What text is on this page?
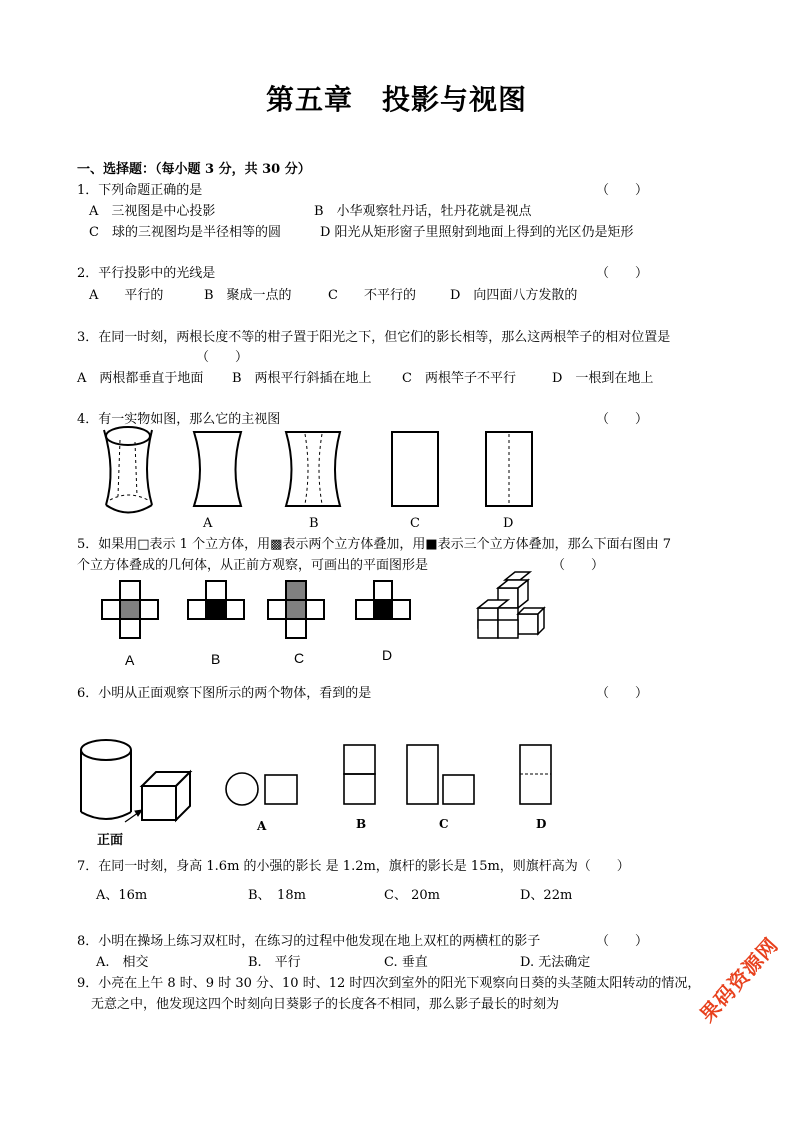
第五章　投影与视图
一、选择题：（每小题 3 分，共 30 分）
1．下列命题正确的是	（　　）
A　三视图是中心投影	B　小华观察牡丹话，牡丹花就是视点
C　球的三视图均是半径相等的圆	D 阳光从矩形窗子里照射到地面上得到的光区仍是矩形
2．平行投影中的光线是	（　　）
A　　平行的	B　聚成一点的	C　　不平行的	D　向四面八方发散的
3．在同一时刻，两根长度不等的柑子置于阳光之下，但它们的影长相等，那么这两根竿子的相对位置是
（　　）
A　两根都垂直于地面 B　两根平行斜插在地上 C　两根竿子不平行	D　一根到在地上
4．有一实物如图，那么它的主视图	（　　）
A	B	C	D
5．如果用□表示 1 个立方体，用▩表示两个立方体叠加，用■表示三个立方体叠加，那么下面右图由 7
个立方体叠成的几何体，从正前方观察，可画出的平面图形是	（　　）
A	B	C	D
6．小明从正面观察下图所示的两个物体，看到的是	（　　）
正面
A	B	C	D
7．在同一时刻，身高 1.6m 的小强的影长 是 1.2m，旗杆的影长是 15m，则旗杆高为（　　）
A、16m	B、　18m	C、 20m	D、22m
8．小明在操场上练习双杠时，在练习的过程中他发现在地上双杠的两横杠的影子	（　　）
A.　相交	B.　平行	C. 垂直	D. 无法确定
9．小亮在上午 8 时、9 时 30 分、10 时、12 时四次到室外的阳光下观察向日葵的头茎随太阳转动的情况，
无意之中，他发现这四个时刻向日葵影子的长度各不相同，那么影子最长的时刻为	果码资源网
